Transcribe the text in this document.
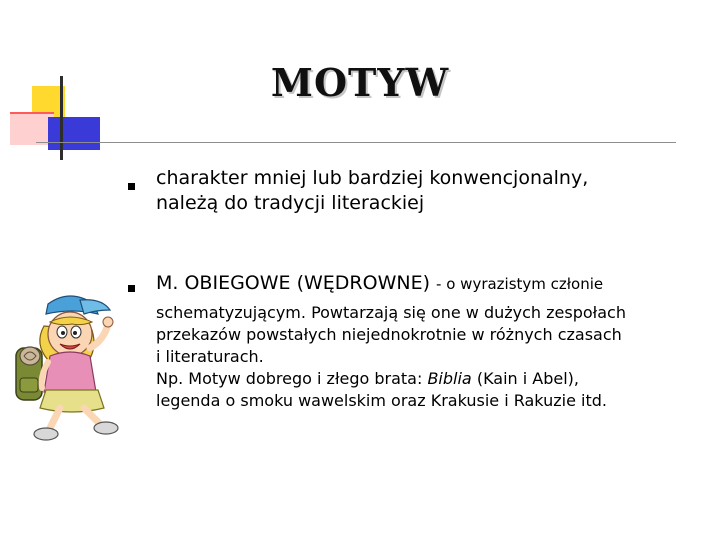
MOTYW
charakter mniej lub bardziej konwencjonalny,
należą do tradycji literackiej
M. OBIEGOWE (WĘDROWNE) - o wyrazistym członie
schematyzującym. Powtarzają się one w dużych zespołach
przekazów powstałych niejednokrotnie w różnych czasach
i literaturach.
Np. Motyw dobrego i złego brata: Biblia (Kain i Abel),
legenda o smoku wawelskim oraz Krakusie i Rakuzie itd.
